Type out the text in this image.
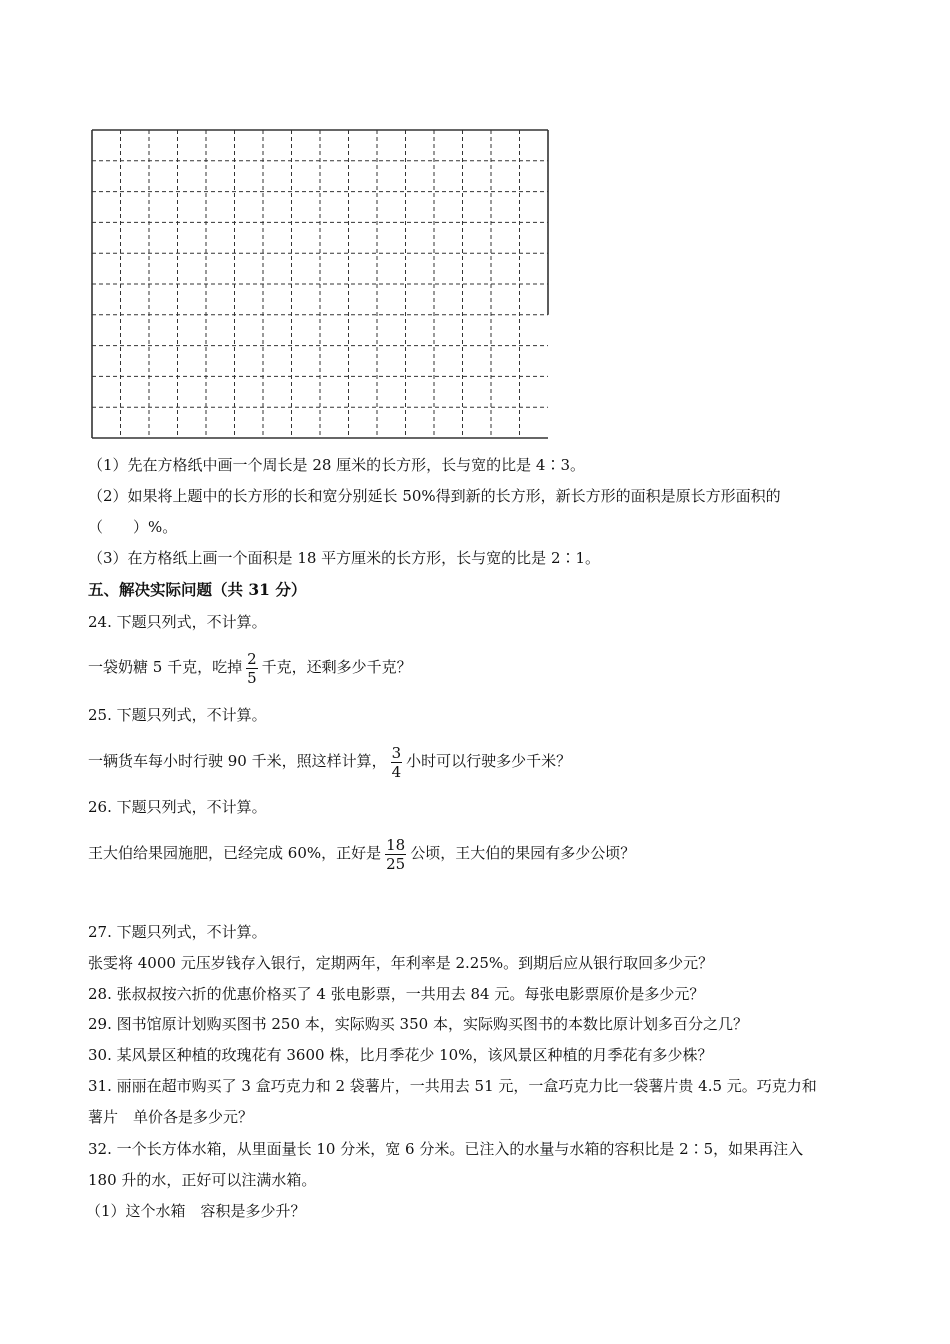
（1）先在方格纸中画一个周长是 28 厘米的长方形，长与宽的比是 4∶3。
（2）如果将上题中的长方形的长和宽分别延长 50%得到新的长方形，新长方形的面积是原长方形面积的
（　　）%。
（3）在方格纸上画一个面积是 18 平方厘米的长方形，长与宽的比是 2∶1。
五、解决实际问题（共 31 分）
24. 下题只列式，不计算。
一袋奶糖 5 千克，吃掉 $\frac{2}{5}$ 千克，还剩多少千克？
25. 下题只列式，不计算。
一辆货车每小时行驶 90 千米，照这样计算， $\frac{3}{4}$ 小时可以行驶多少千米？
26. 下题只列式，不计算。
王大伯给果园施肥，已经完成 60%，正好是 $\frac{18}{25}$ 公顷，王大伯的果园有多少公顷？
27. 下题只列式，不计算。
张雯将 4000 元压岁钱存入银行，定期两年，年利率是 2.25%。到期后应从银行取回多少元？
28. 张叔叔按六折的优惠价格买了 4 张电影票，一共用去 84 元。每张电影票原价是多少元？
29. 图书馆原计划购买图书 250 本，实际购买 350 本，实际购买图书的本数比原计划多百分之几？
30. 某风景区种植的玫瑰花有 3600 株，比月季花少 10%，该风景区种植的月季花有多少株？
31. 丽丽在超市购买了 3 盒巧克力和 2 袋薯片，一共用去 51 元，一盒巧克力比一袋薯片贵 4.5 元。巧克力和
薯片　单价各是多少元？
32. 一个长方体水箱，从里面量长 10 分米，宽 6 分米。已注入的水量与水箱的容积比是 2∶5，如果再注入
180 升的水，正好可以注满水箱。
（1）这个水箱　容积是多少升？
